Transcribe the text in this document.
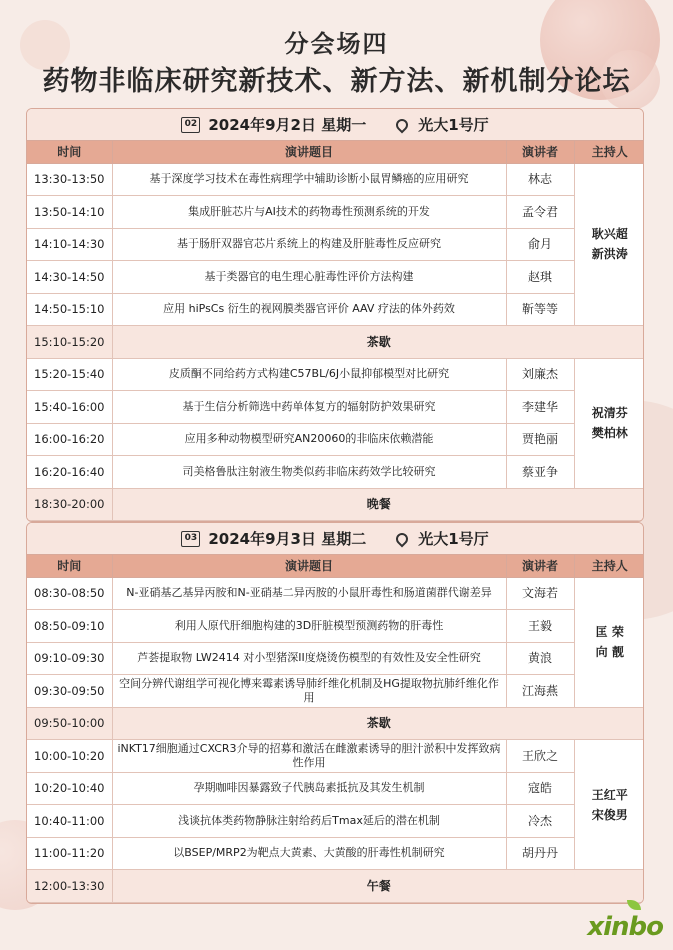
分会场四
药物非临床研究新技术、新方法、新机制分论坛
02 2024年9月2日 星期一	光大1号厅
时间	演讲题目	演讲者	主持人
13:30-13:50	基于深度学习技术在毒性病理学中辅助诊断小鼠胃鳞癌的应用研究	林志	耿兴超
新洪涛

13:50-14:10	集成肝脏芯片与AI技术的药物毒性预测系统的开发	孟令君	
14:10-14:30	基于肠肝双器官芯片系统上的构建及肝脏毒性反应研究	俞月	
14:30-14:50	基于类器官的电生理心脏毒性评价方法构建	赵琪	
14:50-15:10	应用 hiPsCs 衍生的视网膜类器官评价 AAV 疗法的体外药效	靳等等	
15:10-15:20	茶歇		
15:20-15:40	皮质酮不同给药方式构建C57BL/6J小鼠抑郁模型对比研究	刘廉杰	祝清芬
樊柏林

15:40-16:00	基于生信分析筛选中药单体复方的辐射防护效果研究	李建华	
16:00-16:20	应用多种动物模型研究AN20060的非临床依赖潜能	贾艳丽	
16:20-16:40	司美格鲁肽注射液生物类似药非临床药效学比较研究	蔡亚争	
18:30-20:00	晚餐		
03 2024年9月3日 星期二	光大1号厅
时间	演讲题目	演讲者	主持人
08:30-08:50	N-亚硝基乙基异丙胺和N-亚硝基二异丙胺的小鼠肝毒性和肠道菌群代谢差异	文海若	匡 荣
向 靓

08:50-09:10	利用人原代肝细胞构建的3D肝脏模型预测药物的肝毒性	王毅	
09:10-09:30	芦荟提取物 LW2414 对小型猪深II度烧烫伤模型的有效性及安全性研究	黄浪	
09:30-09:50	空间分辨代谢组学可视化博来霉素诱导肺纤维化机制及HG提取物抗肺纤维化作用	江海燕	
09:50-10:00	茶歇		
10:00-10:20	iNKT17细胞通过CXCR3介导的招募和激活在雌激素诱导的胆汁淤积中发挥致病性作用	王欣之	王红平
宋俊男

10:20-10:40	孕期咖啡因暴露致子代胰岛素抵抗及其发生机制	寇皓	
10:40-11:00	浅谈抗体类药物静脉注射给药后Tmax延后的潜在机制	冷杰	
11:00-11:20	以BSEP/MRP2为靶点大黄素、大黄酸的肝毒性机制研究	胡丹丹	
12:00-13:30	午餐		
xinbo
